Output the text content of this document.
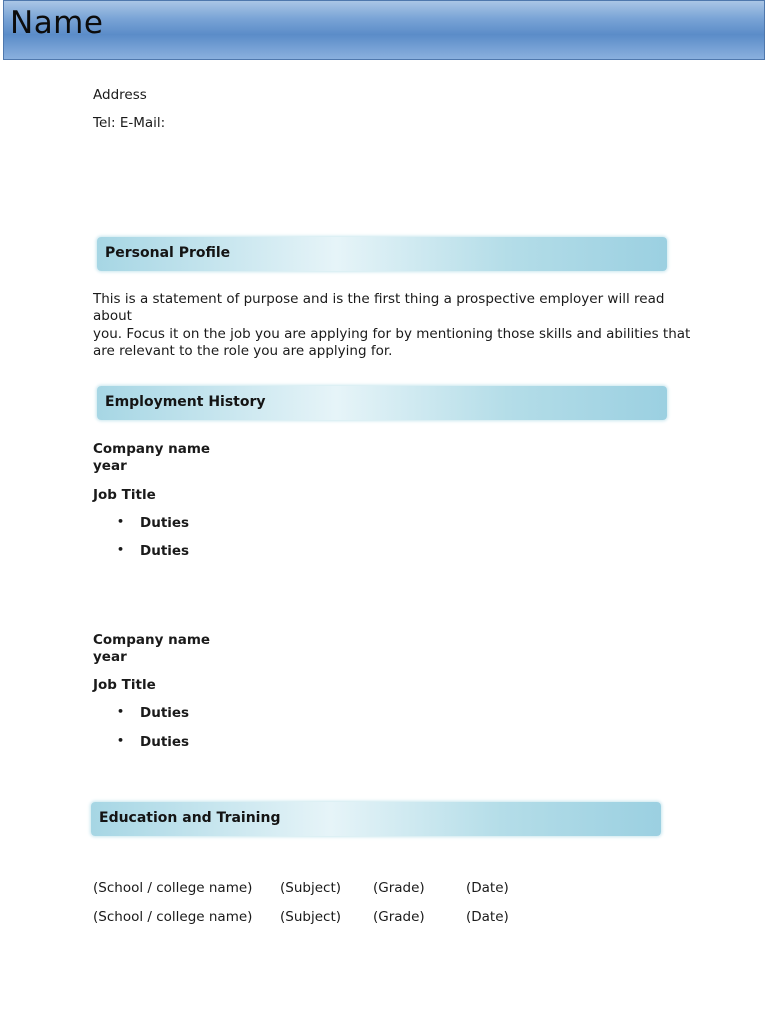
Name
Address
Tel: E-Mail:
Personal Profile
This is a statement of purpose and is the first thing a prospective employer will read about
you. Focus it on the job you are applying for by mentioning those skills and abilities that
are relevant to the role you are applying for.
Employment History
Company name
year
Job Title
• Duties
• Duties
Company name
year
Job Title
• Duties
• Duties
Education and Training
(School / college name) (Subject) (Grade)	(Date)
(School / college name) (Subject) (Grade)	(Date)
